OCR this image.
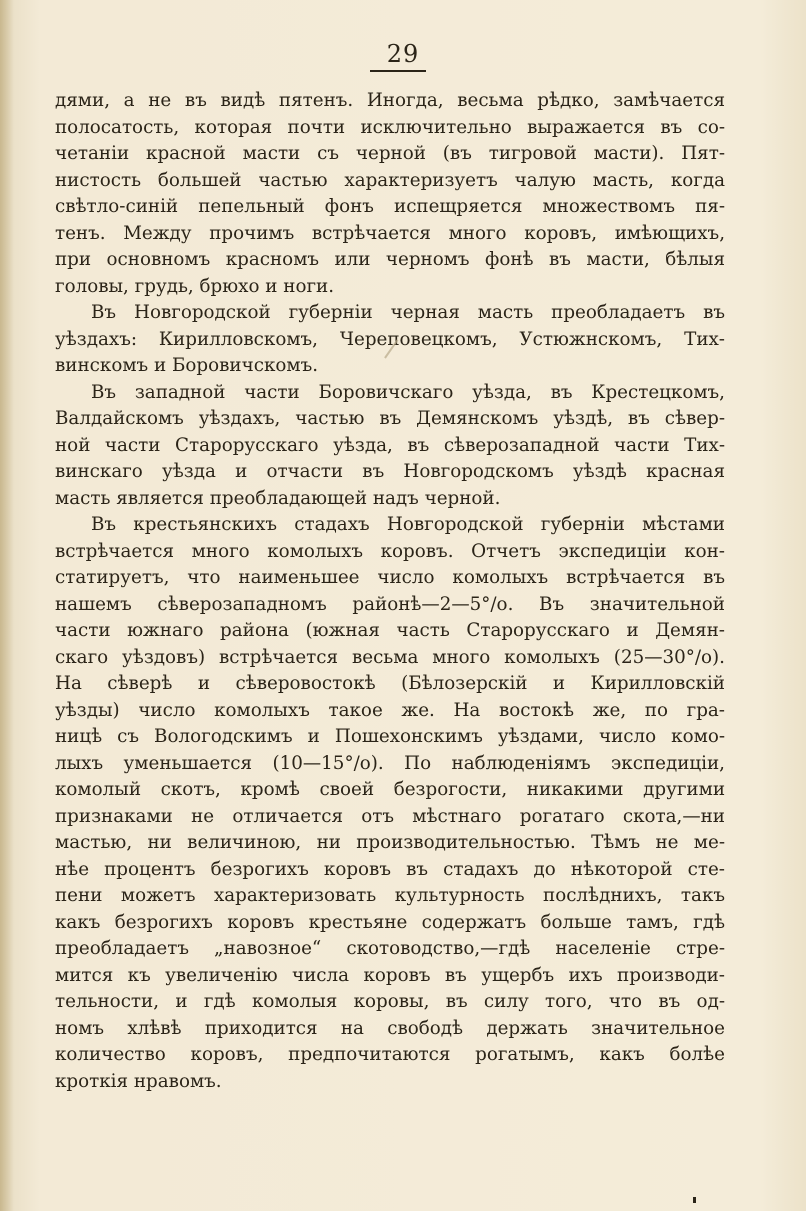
29
дями, а не въ видѣ пятенъ. Иногда, весьма рѣдко, замѣчается
полосатость, которая почти исключительно выражается въ со-
четанiи красной масти съ черной (въ тигровой масти). Пят-
нистость большей частью характеризуетъ чалую масть, когда
свѣтло-синiй пепельный фонъ испещряется множествомъ пя-
тенъ. Между прочимъ встрѣчается много коровъ, имѣющихъ,
при основномъ красномъ или черномъ фонѣ въ масти, бѣлыя
головы, грудь, брюхо и ноги.
Въ Новгородской губернiи черная масть преобладаетъ въ
уѣздахъ: Кирилловскомъ, Череповецкомъ, Устюжнскомъ, Тих-
винскомъ и Боровичскомъ.
Въ западной части Боровичскаго уѣзда, въ Крестецкомъ,
Валдайскомъ уѣздахъ, частью въ Демянскомъ уѣздѣ, въ сѣвер-
ной части Старорусскаго уѣзда, въ сѣверозападной части Тих-
винскаго уѣзда и отчасти въ Новгородскомъ уѣздѣ красная
масть является преобладающей надъ черной.
Въ крестьянскихъ стадахъ Новгородской губернiи мѣстами
встрѣчается много комолыхъ коровъ. Отчетъ экспедицiи кон-
статируетъ, что наименьшее число комолыхъ встрѣчается въ
нашемъ сѣверозападномъ районѣ—2—5°/о. Въ значительной
части южнаго района (южная часть Старорусскаго и Демян-
скаго уѣздовъ) встрѣчается весьма много комолыхъ (25—30°/о).
На сѣверѣ и сѣверовостокѣ (Бѣлозерскiй и Кирилловскiй
уѣзды) число комолыхъ такое же. На востокѣ же, по гра-
ницѣ съ Вологодскимъ и Пошехонскимъ уѣздами, число комо-
лыхъ уменьшается (10—15°/о). По наблюденiямъ экспедицiи,
комолый скотъ, кромѣ своей безрогости, никакими другими
признаками не отличается отъ мѣстнаго рогатаго скота,—ни
мастью, ни величиною, ни производительностью. Тѣмъ не ме-
нѣе процентъ безрогихъ коровъ въ стадахъ до нѣкоторой сте-
пени можетъ характеризовать культурность послѣднихъ, такъ
какъ безрогихъ коровъ крестьяне содержатъ больше тамъ, гдѣ
преобладаетъ „навозное“ скотоводство,—гдѣ населенiе стре-
мится къ увеличенiю числа коровъ въ ущербъ ихъ производи-
тельности, и гдѣ комолыя коровы, въ силу того, что въ од-
номъ хлѣвѣ приходится на свободѣ держать значительное
количество коровъ, предпочитаются рогатымъ, какъ болѣе
кроткiя нравомъ.
